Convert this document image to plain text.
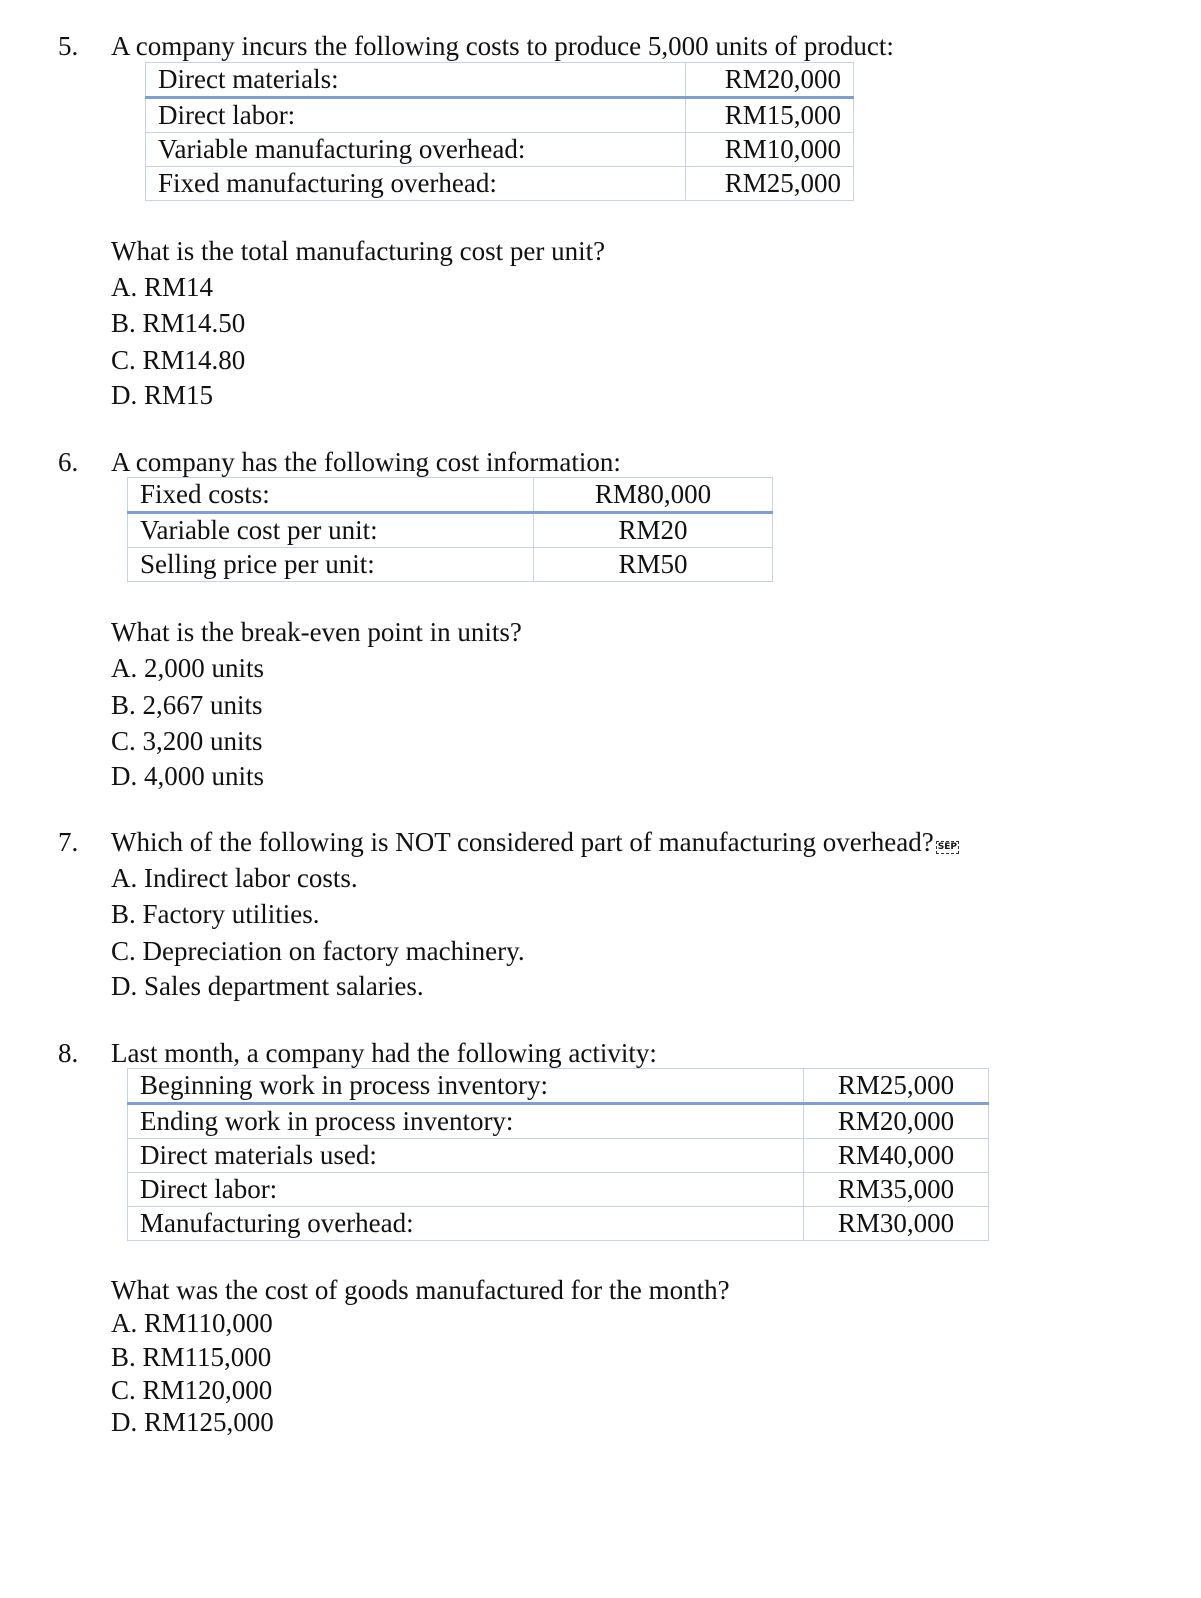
5. A company incurs the following costs to produce 5,000 units of product:
Direct materials:	RM20,000
Direct labor:	RM15,000
Variable manufacturing overhead:	RM10,000
Fixed manufacturing overhead:	RM25,000
What is the total manufacturing cost per unit?
A. RM14
B. RM14.50
C. RM14.80
D. RM15
6. A company has the following cost information:
Fixed costs:	RM80,000
Variable cost per unit:	RM20
Selling price per unit:	RM50
What is the break-even point in units?
A. 2,000 units
B. 2,667 units
C. 3,200 units
D. 4,000 units
7. Which of the following is NOT considered part of manufacturing overhead? SEP
A. Indirect labor costs.
B. Factory utilities.
C. Depreciation on factory machinery.
D. Sales department salaries.
8. Last month, a company had the following activity:
Beginning work in process inventory:	RM25,000
Ending work in process inventory:	RM20,000
Direct materials used:	RM40,000
Direct labor:	RM35,000
Manufacturing overhead:	RM30,000
What was the cost of goods manufactured for the month?
A. RM110,000
B. RM115,000
C. RM120,000
D. RM125,000
